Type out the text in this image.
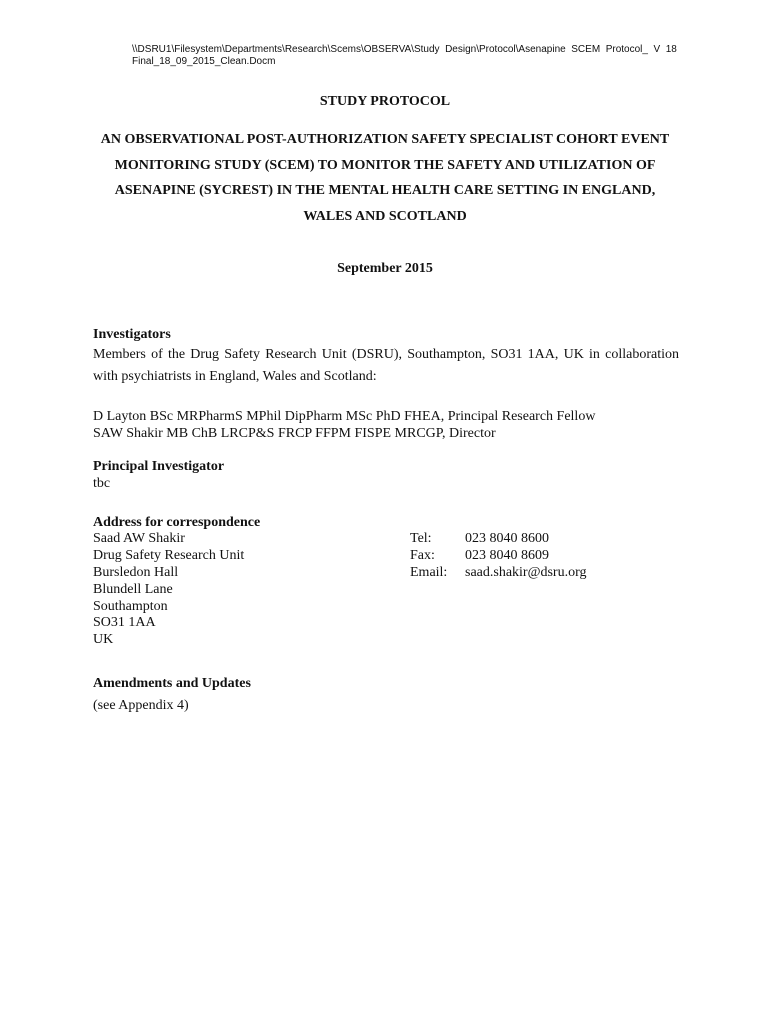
\\DSRU1\Filesystem\Departments\Research\Scems\OBSERVA\Study  Design\Protocol\Asenapine  SCEM  Protocol_  V  18
Final_18_09_2015_Clean.Docm
STUDY PROTOCOL
AN OBSERVATIONAL POST-AUTHORIZATION SAFETY SPECIALIST COHORT EVENT MONITORING STUDY (SCEM) TO MONITOR THE SAFETY AND UTILIZATION OF ASENAPINE (SYCREST) IN THE MENTAL HEALTH CARE SETTING IN ENGLAND, WALES AND SCOTLAND
September 2015
Investigators
Members of the Drug Safety Research Unit (DSRU), Southampton, SO31 1AA, UK in collaboration with psychiatrists in England, Wales and Scotland:
D Layton BSc MRPharmS MPhil DipPharm MSc PhD FHEA, Principal Research Fellow
SAW Shakir MB ChB LRCP&S FRCP FFPM FISPE MRCGP, Director
Principal Investigator
tbc
Address for correspondence
Saad AW Shakir
Drug Safety Research Unit
Bursledon Hall
Blundell Lane
Southampton
SO31 1AA
UK
Tel: 023 8040 8600
Fax: 023 8040 8609
Email: saad.shakir@dsru.org
Amendments and Updates
(see Appendix 4)
